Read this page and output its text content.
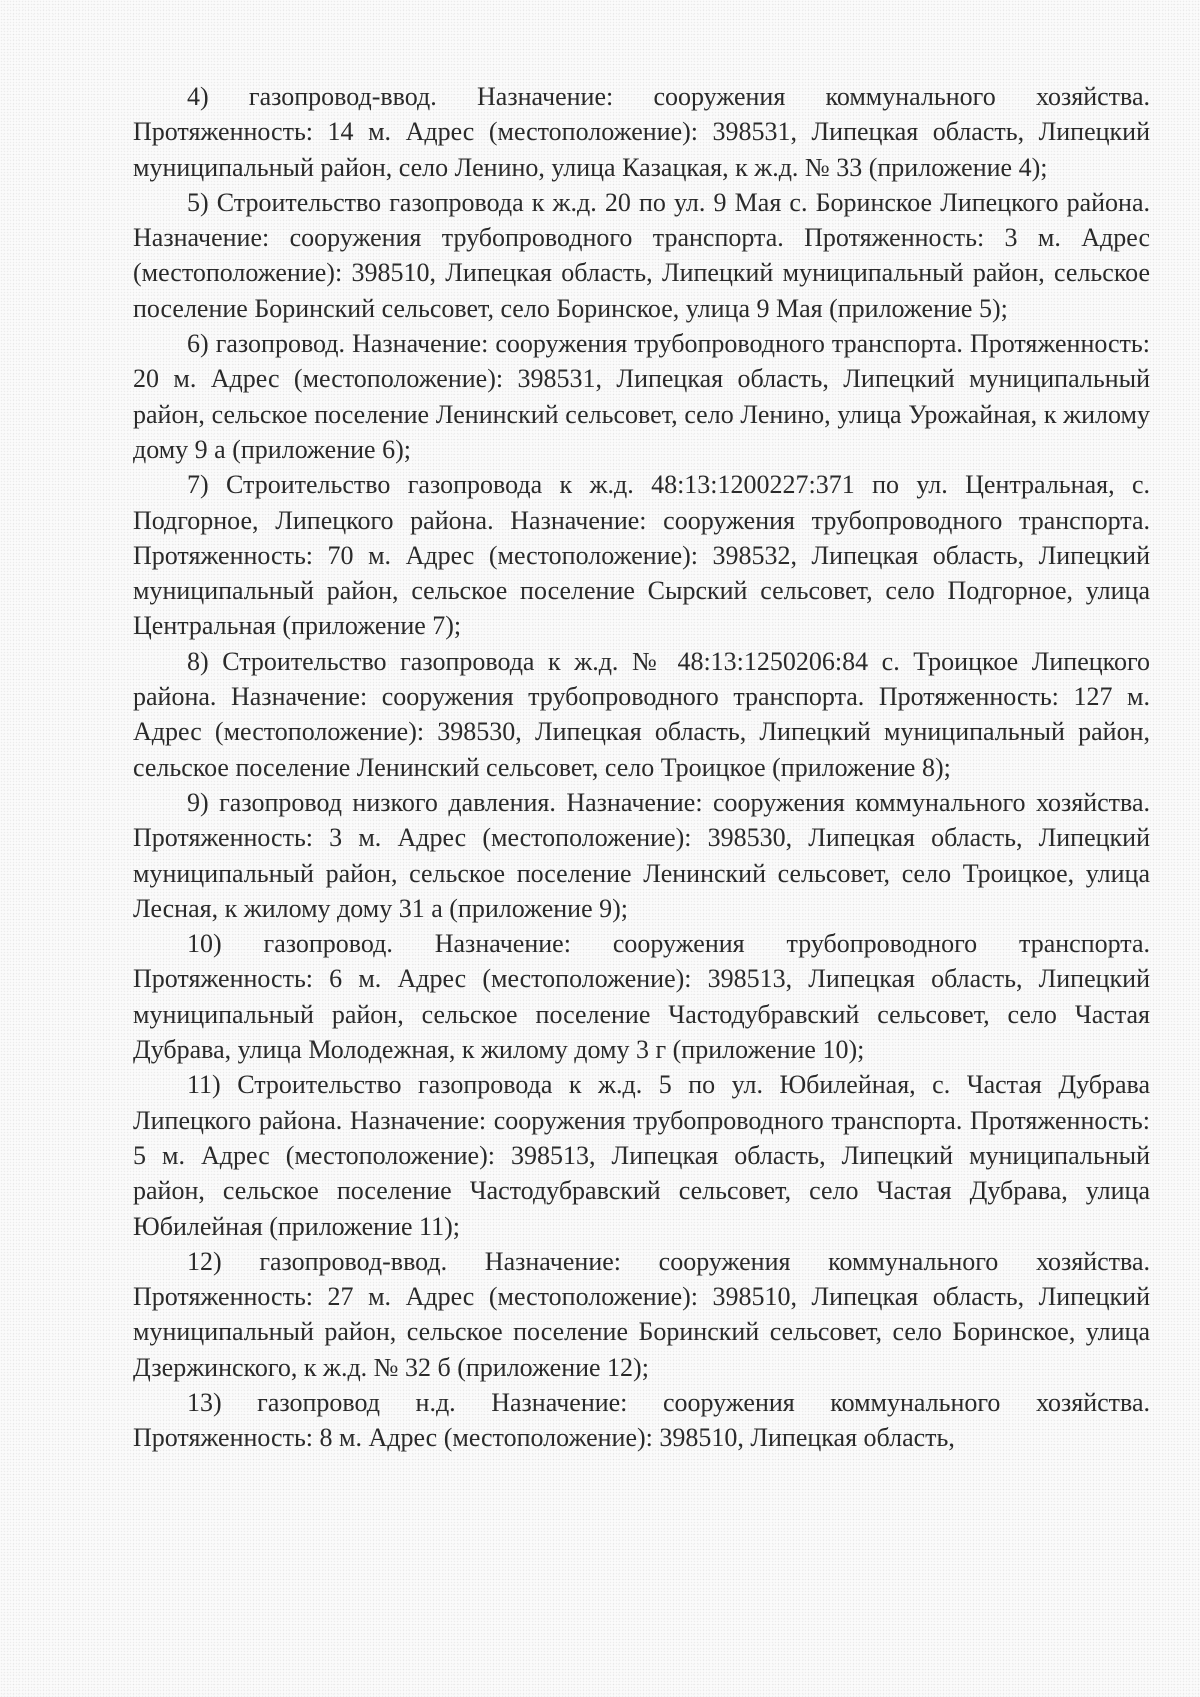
4) газопровод-ввод. Назначение: сооружения коммунального хозяйства. Протяженность: 14 м. Адрес (местоположение): 398531, Липецкая область, Липецкий муниципальный район, село Ленино, улица Казацкая, к ж.д. № 33 (приложение 4);

5) Строительство газопровода к ж.д. 20 по ул. 9 Мая с. Боринское Липецкого района. Назначение: сооружения трубопроводного транспорта. Протяженность: 3 м. Адрес (местоположение): 398510, Липецкая область, Липецкий муниципальный район, сельское поселение Боринский сельсовет, село Боринское, улица 9 Мая (приложение 5);

6) газопровод. Назначение: сооружения трубопроводного транспорта. Протяженность: 20 м. Адрес (местоположение): 398531, Липецкая область, Липецкий муниципальный район, сельское поселение Ленинский сельсовет, село Ленино, улица Урожайная, к жилому дому 9 а (приложение 6);

7) Строительство газопровода к ж.д. 48:13:1200227:371 по ул. Центральная, с. Подгорное, Липецкого района. Назначение: сооружения трубопроводного транспорта. Протяженность: 70 м. Адрес (местоположение): 398532, Липецкая область, Липецкий муниципальный район, сельское поселение Сырский сельсовет, село Подгорное, улица Центральная (приложение 7);

8) Строительство газопровода к ж.д. № 48:13:1250206:84 с. Троицкое Липецкого района. Назначение: сооружения трубопроводного транспорта. Протяженность: 127 м. Адрес (местоположение): 398530, Липецкая область, Липецкий муниципальный район, сельское поселение Ленинский сельсовет, село Троицкое (приложение 8);

9) газопровод низкого давления. Назначение: сооружения коммунального хозяйства. Протяженность: 3 м. Адрес (местоположение): 398530, Липецкая область, Липецкий муниципальный район, сельское поселение Ленинский сельсовет, село Троицкое, улица Лесная, к жилому дому 31 а (приложение 9);

10) газопровод. Назначение: сооружения трубопроводного транспорта. Протяженность: 6 м. Адрес (местоположение): 398513, Липецкая область, Липецкий муниципальный район, сельское поселение Частодубравский сельсовет, село Частая Дубрава, улица Молодежная, к жилому дому 3 г (приложение 10);

11) Строительство газопровода к ж.д. 5 по ул. Юбилейная, с. Частая Дубрава Липецкого района. Назначение: сооружения трубопроводного транспорта. Протяженность: 5 м. Адрес (местоположение): 398513, Липецкая область, Липецкий муниципальный район, сельское поселение Частодубравский сельсовет, село Частая Дубрава, улица Юбилейная (приложение 11);

12) газопровод-ввод. Назначение: сооружения коммунального хозяйства. Протяженность: 27 м. Адрес (местоположение): 398510, Липецкая область, Липецкий муниципальный район, сельское поселение Боринский сельсовет, село Боринское, улица Дзержинского, к ж.д. № 32 б (приложение 12);

13) газопровод н.д. Назначение: сооружения коммунального хозяйства. Протяженность: 8 м. Адрес (местоположение): 398510, Липецкая область,
